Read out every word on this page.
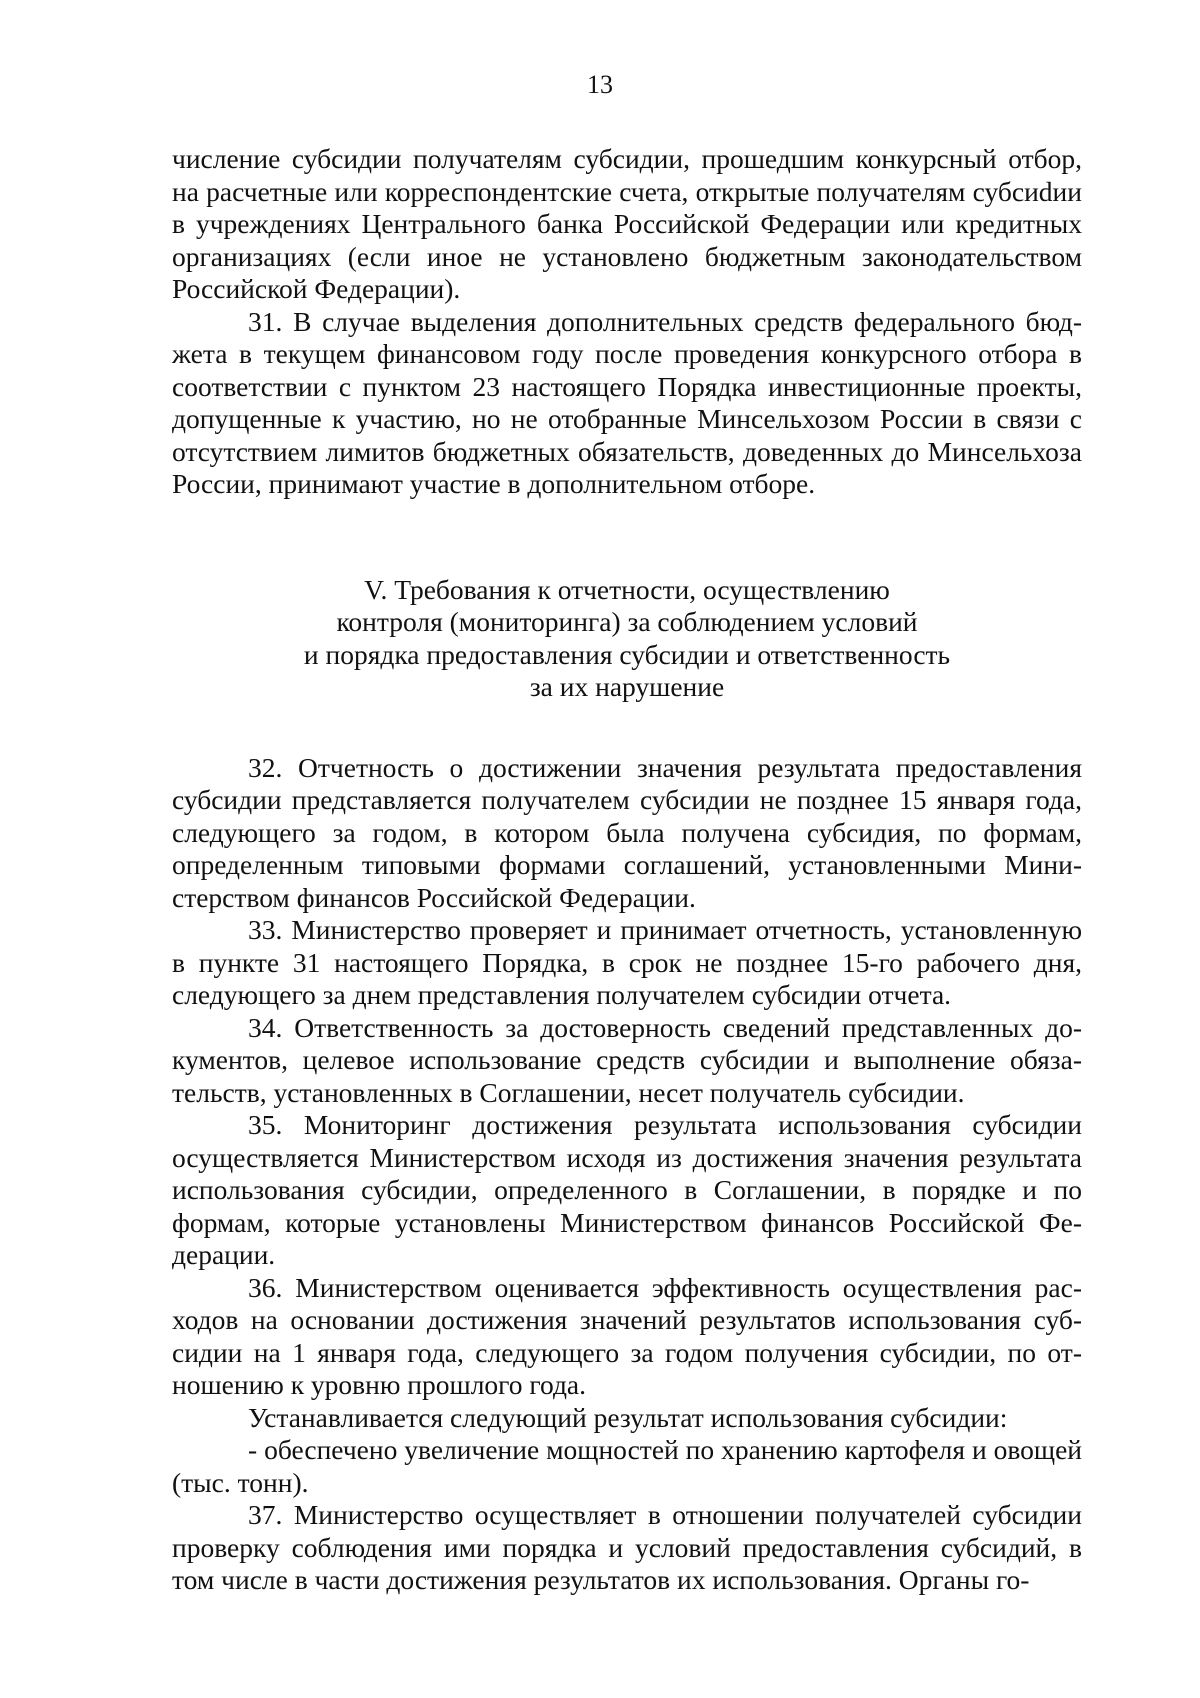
13

числение субсидии получателям субсидии, прошедшим конкурсный отбор, на расчетные или корреспондентские счета, открытые получателям субсиdии в учреждениях Центрального банка Российской Федерации или кредитных организациях (если иное не установлено бюджетным законодательством Российской Федерации).

31. В случае выделения дополнительных средств федерального бюджета в текущем финансовом году после проведения конкурсного отбора в соответствии с пунктом 23 настоящего Порядка инвестиционные проекты, допущенные к участию, но не отобранные Минсельхозом России в связи с отсутствием лимитов бюджетных обязательств, доведенных до Минсельхоза России, принимают участие в дополнительном отборе.

V. Требования к отчетности, осуществлению
контроля (мониторинга) за соблюдением условий
и порядка предоставления субсидии и ответственность
за их нарушение

32. Отчетность о достижении значения результата предоставления субсидии представляется получателем субсидии не позднее 15 января года, следующего за годом, в котором была получена субсидия, по формам, определенным типовыми формами соглашений, установленными Министерством финансов Российской Федерации.

33. Министерство проверяет и принимает отчетность, установленную в пункте 31 настоящего Порядка, в срок не позднее 15-го рабочего дня, следующего за днем представления получателем субсидии отчета.

34. Ответственность за достоверность сведений представленных документов, целевое использование средств субсидии и выполнение обязательств, установленных в Соглашении, несет получатель субсидии.

35. Мониторинг достижения результата использования субсидии осуществляется Министерством исходя из достижения значения результата использования субсидии, определенного в Соглашении, в порядке и по формам, которые установлены Министерством финансов Российской Федерации.

36. Министерством оценивается эффективность осуществления расходов на основании достижения значений результатов использования субсидии на 1 января года, следующего за годом получения субсидии, по отношению к уровню прошлого года.

Устанавливается следующий результат использования субсидии:

- обеспечено увеличение мощностей по хранению картофеля и овощей (тыс. тонн).

37. Министерство осуществляет в отношении получателей субсидии проверку соблюдения ими порядка и условий предоставления субсидий, в том числе в части достижения результатов их использования. Органы го-
